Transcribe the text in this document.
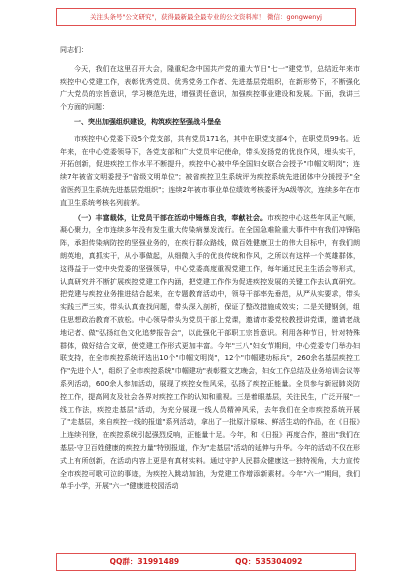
关注头条号"公文研究"，获得最新最全最专业的公文资料库！ 微信：gongwenyj

同志们：

今天，我们在这里召开大会，隆重纪念中国共产党的重大节日"七一"建党节，总结近年来市疾控中心党建工作，表彰优秀党员、优秀党务工作者、先进基层党组织，在新形势下，不断强化广大党员的宗旨意识，学习模范先进，增强责任意识，加强疾控事业建设和发展。下面，我讲三个方面的问题：

一、突出加强组织建设，构筑疾控坚强战斗堡垒

市疾控中心党委下设5个党支部，共有党员171名，其中在职党支部4个，在职党员99名。近年来，在中心党委领导下，各党支部和广大党员牢记使命，带头发扬党的优良作风，埋头实干，开拓创新，促进疾控工作水平不断提升，疾控中心被中华全国妇女联合会授予"巾帼文明岗"；连续7年被省文明委授予"省级文明单位"；被省疾控卫生系统评为疾控系统先进团体中分援授予"全省医药卫生系统先进基层党组织"；连续2年被市事业单位绩效考核委评为A级等次，连续多年在市直卫生系统考核名列前茅。

（一）丰富载体，让党员干部在活动中锤炼自我，奉献社会。市疾控中心这些年风正气顺，凝心聚力，全市连续多年没有发生重大传染病暴发流行。在全国急难险重大事件中有我们冲锋陷阵，承担传染病防控的坚强业务的，在疾行群众路线，做百姓健康卫士的伟大目标中，有我们朗朗英地，真抓实干，从小事做起，从细微入手的优良传统和作风，之所以有这样一个英雄群体，这得益于一党中央党委的坚强领导，中心党委高度重视党建工作，每年通过民主生活会等形式，认真研究并不断扩展疾控党建工作内涵，把党建工作作为促进疾控发展的关键工作去认真研究。把党建与疾控业务推进结合起来，在专题教育活动中，领导干部率先垂范，从严从实要求，带头实践三严三实，带头认真查找问题，带头深入剖析，保证了整改措施成效实；二是关键钢剑，组住思想政治教育不放松。中心领导带头为党员干部上党课，邀请市委党校教授讲党课，邀请老战地记者、做"弘扬红色文化追梦报告会"，以此强化干部职工宗旨意识。利用各种节日，针对特殊群体，做好结合文章，使党建工作形式更加丰富。今年"三八"妇女节期间，中心党委专门举办妇联支持，在全市疾控系统评选出10个"巾帼文明岗"，12个"巾帼建功标兵"，260余名基层疾控工作"先进个人"，组织了全市疾控系统"巾帼建功"表彰暨文艺晚会，妇女工作总结及业务培训会议等系列活动，600余人参加活动，展现了疾控女性风采，弘扬了疾控正能量。全员参与新冠肺炎防控工作，提高网友及社会各界对疾控工作的认知和重视。三是着眼基层，关注民生，广泛开展"一线工作法，疾控走基层"活动，为充分展现一线人员精神风采，去年我们在全市疾控系统开展了"走基层，来自疾控一线的报道"系列活动，拿出了一批原汁原味、鲜活生动的作品，在《日报》上连续刊登，在疾控系统引起强烈反响，正能量十足。今年，和《日报》再度合作，推出"我们在基层-守卫百姓健康的疾控力量"特别报道，作为"走基层"活动的延伸与升华。今年的活动不仅在形式上有所创新，在活动内容上更是有真材实料。通过守护人民群众健康这一独特视角，大力宣传全市疾控可歌可泣的事迹，为疾控入跳动加油，为党建工作增添新素材。今年"六一"期间，我们单手小学，开展"六一"健康进校园活动

QQ群：31991489	QQ：535304092
